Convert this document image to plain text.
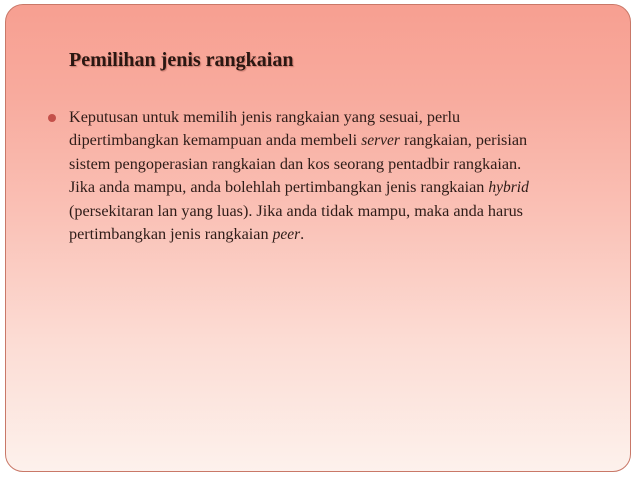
Pemilihan jenis rangkaian

Keputusan untuk memilih jenis rangkaian yang sesuai, perlu
dipertimbangkan kemampuan anda membeli server rangkaian, perisian
sistem pengoperasian rangkaian dan kos seorang pentadbir rangkaian.
Jika anda mampu, anda bolehlah pertimbangkan jenis rangkaian hybrid
(persekitaran lan yang luas). Jika anda tidak mampu, maka anda harus
pertimbangkan jenis rangkaian peer.
